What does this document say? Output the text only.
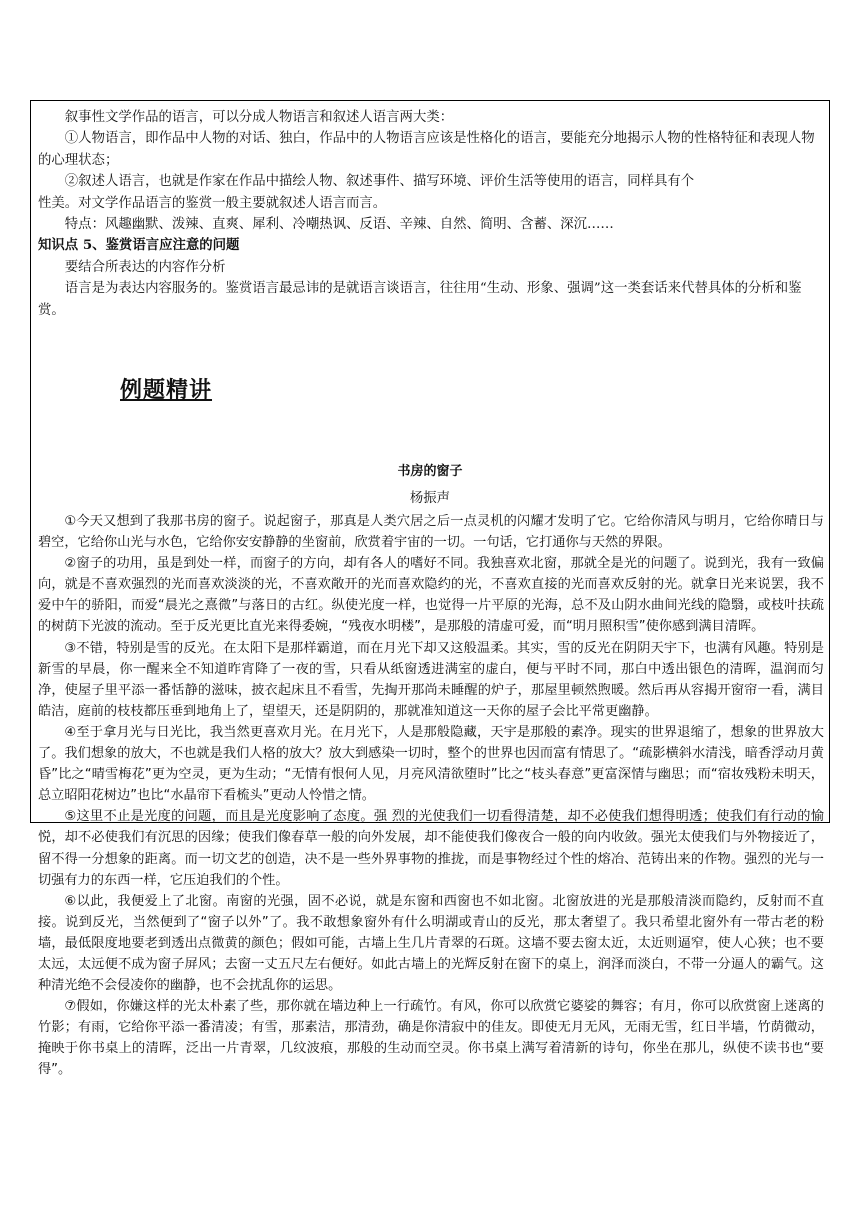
叙事性文学作品的语言，可以分成人物语言和叙述人语言两大类：

①人物语言，即作品中人物的对话、独白，作品中的人物语言应该是性格化的语言，要能充分地揭示人物的性格特征和表现人物的心理状态；

②叙述人语言，也就是作家在作品中描绘人物、叙述事件、描写环境、评价生活等使用的语言，同样具有个

性美。对文学作品语言的鉴赏一般主要就叙述人语言而言。

特点：风趣幽默、泼辣、直爽、犀利、冷嘲热讽、反语、辛辣、自然、简明、含蓄、深沉……

知识点 5、鉴赏语言应注意的问题

要结合所表达的内容作分析

语言是为表达内容服务的。鉴赏语言最忌讳的是就语言谈语言，往往用“生动、形象、强调”这一类套话来代替具体的分析和鉴赏。

例题精讲
书房的窗子
杨振声

①今天又想到了我那书房的窗子。说起窗子，那真是人类穴居之后一点灵机的闪耀才发明了它。它给你清风与明月，它给你晴日与碧空，它给你山光与水色，它给你安安静静的坐窗前，欣赏着宇宙的一切。一句话，它打通你与天然的界限。

②窗子的功用，虽是到处一样，而窗子的方向，却有各人的嗜好不同。我独喜欢北窗，那就全是光的问题了。说到光，我有一致偏向，就是不喜欢强烈的光而喜欢淡淡的光，不喜欢敞开的光而喜欢隐约的光，不喜欢直接的光而喜欢反射的光。就拿日光来说罢，我不爱中午的骄阳，而爱“晨光之熹微”与落日的古红。纵使光度一样，也觉得一片平原的光海，总不及山阴水曲间光线的隐翳，或枝叶扶疏的树荫下光波的流动。至于反光更比直光来得委婉，“残夜水明楼”，是那般的清虚可爱，而“明月照积雪”使你感到满目清晖。

③不错，特别是雪的反光。在太阳下是那样霸道，而在月光下却又这般温柔。其实，雪的反光在阴阴天宇下，也满有风趣。特别是新雪的早晨，你一醒来全不知道昨宵降了一夜的雪，只看从纸窗透进满室的虚白，便与平时不同，那白中透出银色的清晖，温润而匀净，使屋子里平添一番恬静的滋味，披衣起床且不看雪，先掏开那尚未睡醒的炉子，那屋里顿然煦暖。然后再从容揭开窗帘一看，满目皓洁，庭前的枝枝都压垂到地角上了，望望天，还是阴阴的，那就准知道这一天你的屋子会比平常更幽静。

④至于拿月光与日光比，我当然更喜欢月光。在月光下，人是那般隐藏，天宇是那般的素净。现实的世界退缩了，想象的世界放大了。我们想象的放大，不也就是我们人格的放大？放大到感染一切时，整个的世界也因而富有情思了。“疏影横斜水清浅，暗香浮动月黄昏”比之“晴雪梅花”更为空灵，更为生动；“无情有恨何人见，月亮风清欲堕时”比之“枝头春意”更富深情与幽思；而“宿妆残粉未明天，总立昭阳花树边”也比“水晶帘下看梳头”更动人怜惜之情。

⑤这里不止是光度的问题，而且是光度影响了态度。强 烈的光使我们一切看得清楚，却不必使我们想得明透；使我们有行动的愉悦，却不必使我们有沉思的因缘；使我们像春草一般的向外发展，却不能使我们像夜合一般的向内收敛。强光太使我们与外物接近了，留不得一分想象的距离。而一切文艺的创造，决不是一些外界事物的推拢，而是事物经过个性的熔冶、范铸出来的作物。强烈的光与一切强有力的东西一样，它压迫我们的个性。

⑥以此，我便爱上了北窗。南窗的光强，固不必说，就是东窗和西窗也不如北窗。北窗放进的光是那般清淡而隐约，反射而不直接。说到反光，当然便到了“窗子以外”了。我不敢想象窗外有什么明湖或青山的反光，那太奢望了。我只希望北窗外有一带古老的粉墙，最低限度地要老到透出点微黄的颜色；假如可能，古墙上生几片青翠的石斑。这墙不要去窗太近，太近则逼窄，使人心狭；也不要太远，太远便不成为窗子屏风；去窗一丈五尺左右便好。如此古墙上的光辉反射在窗下的桌上，润泽而淡白，不带一分逼人的霸气。这种清光绝不会侵凌你的幽静，也不会扰乱你的运思。

⑦假如，你嫌这样的光太朴素了些，那你就在墙边种上一行疏竹。有风，你可以欣赏它婆娑的舞容；有月，你可以欣赏窗上迷离的竹影；有雨，它给你平添一番清凌；有雪，那素洁，那清劲，确是你清寂中的佳友。即使无月无风，无雨无雪，红日半墙，竹荫微动，掩映于你书桌上的清晖，泛出一片青翠，几纹波痕，那般的生动而空灵。你书桌上满写着清新的诗句，你坐在那儿，纵使不读书也“要得”。
